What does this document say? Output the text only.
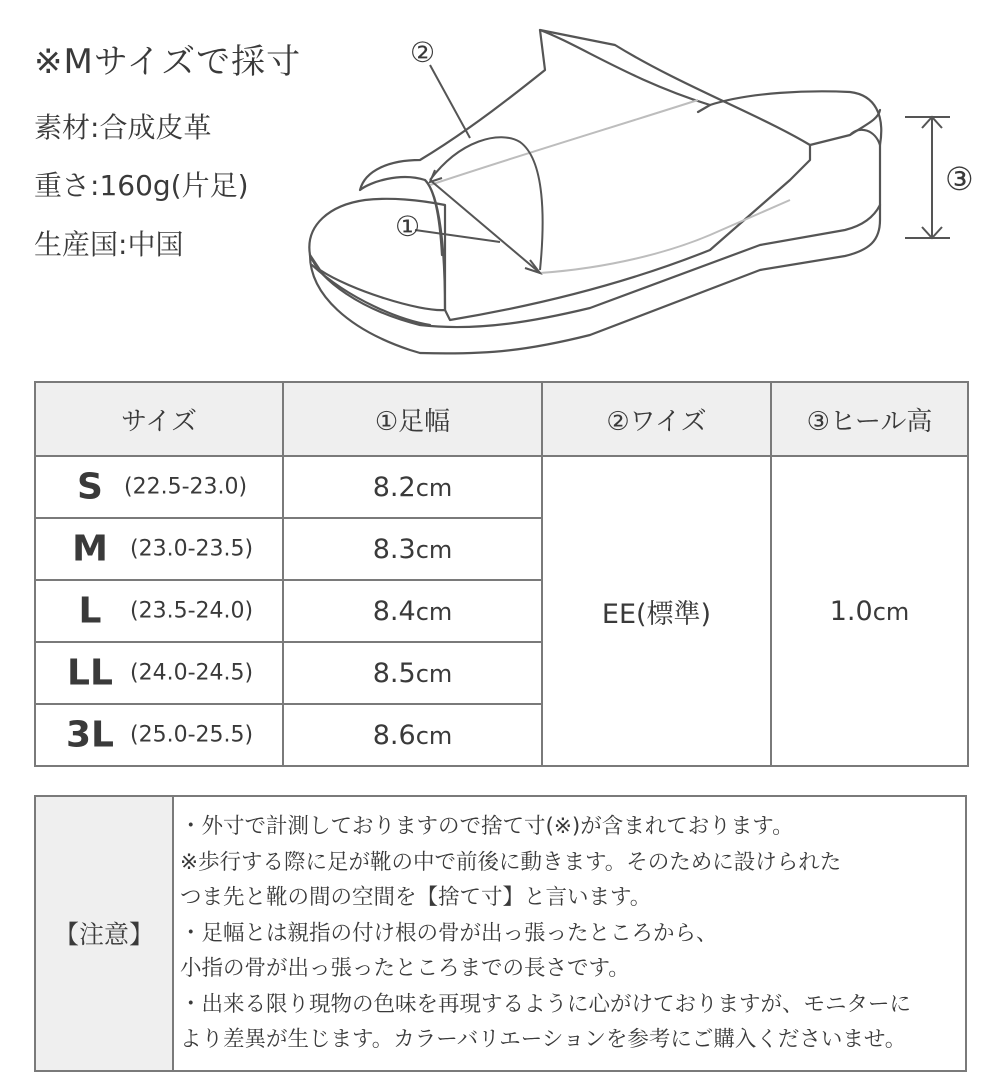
※Mサイズで採寸
素材:合成皮革
重さ:160g(片足)
生産国:中国
①
②
③
サイズ	①足幅	②ワイズ	③ヒール高

S (22.5-23.0)	8.2cm	EE(標準)	1.0cm

M (23.0-23.5)	8.3cm		

L (23.5-24.0)	8.4cm		

LL (24.0-24.5)	8.5cm		

3L (25.0-25.5)	8.6cm		
【注意】	
・外寸で計測しておりますので捨て寸(※)が含まれております。
※歩行する際に足が靴の中で前後に動きます。そのために設けられた
つま先と靴の間の空間を【捨て寸】と言います。
・足幅とは親指の付け根の骨が出っ張ったところから、
小指の骨が出っ張ったところまでの長さです。
・出来る限り現物の色味を再現するように心がけておりますが、モニターに
より差異が生じます。カラーバリエーションを参考にご購入くださいませ。
